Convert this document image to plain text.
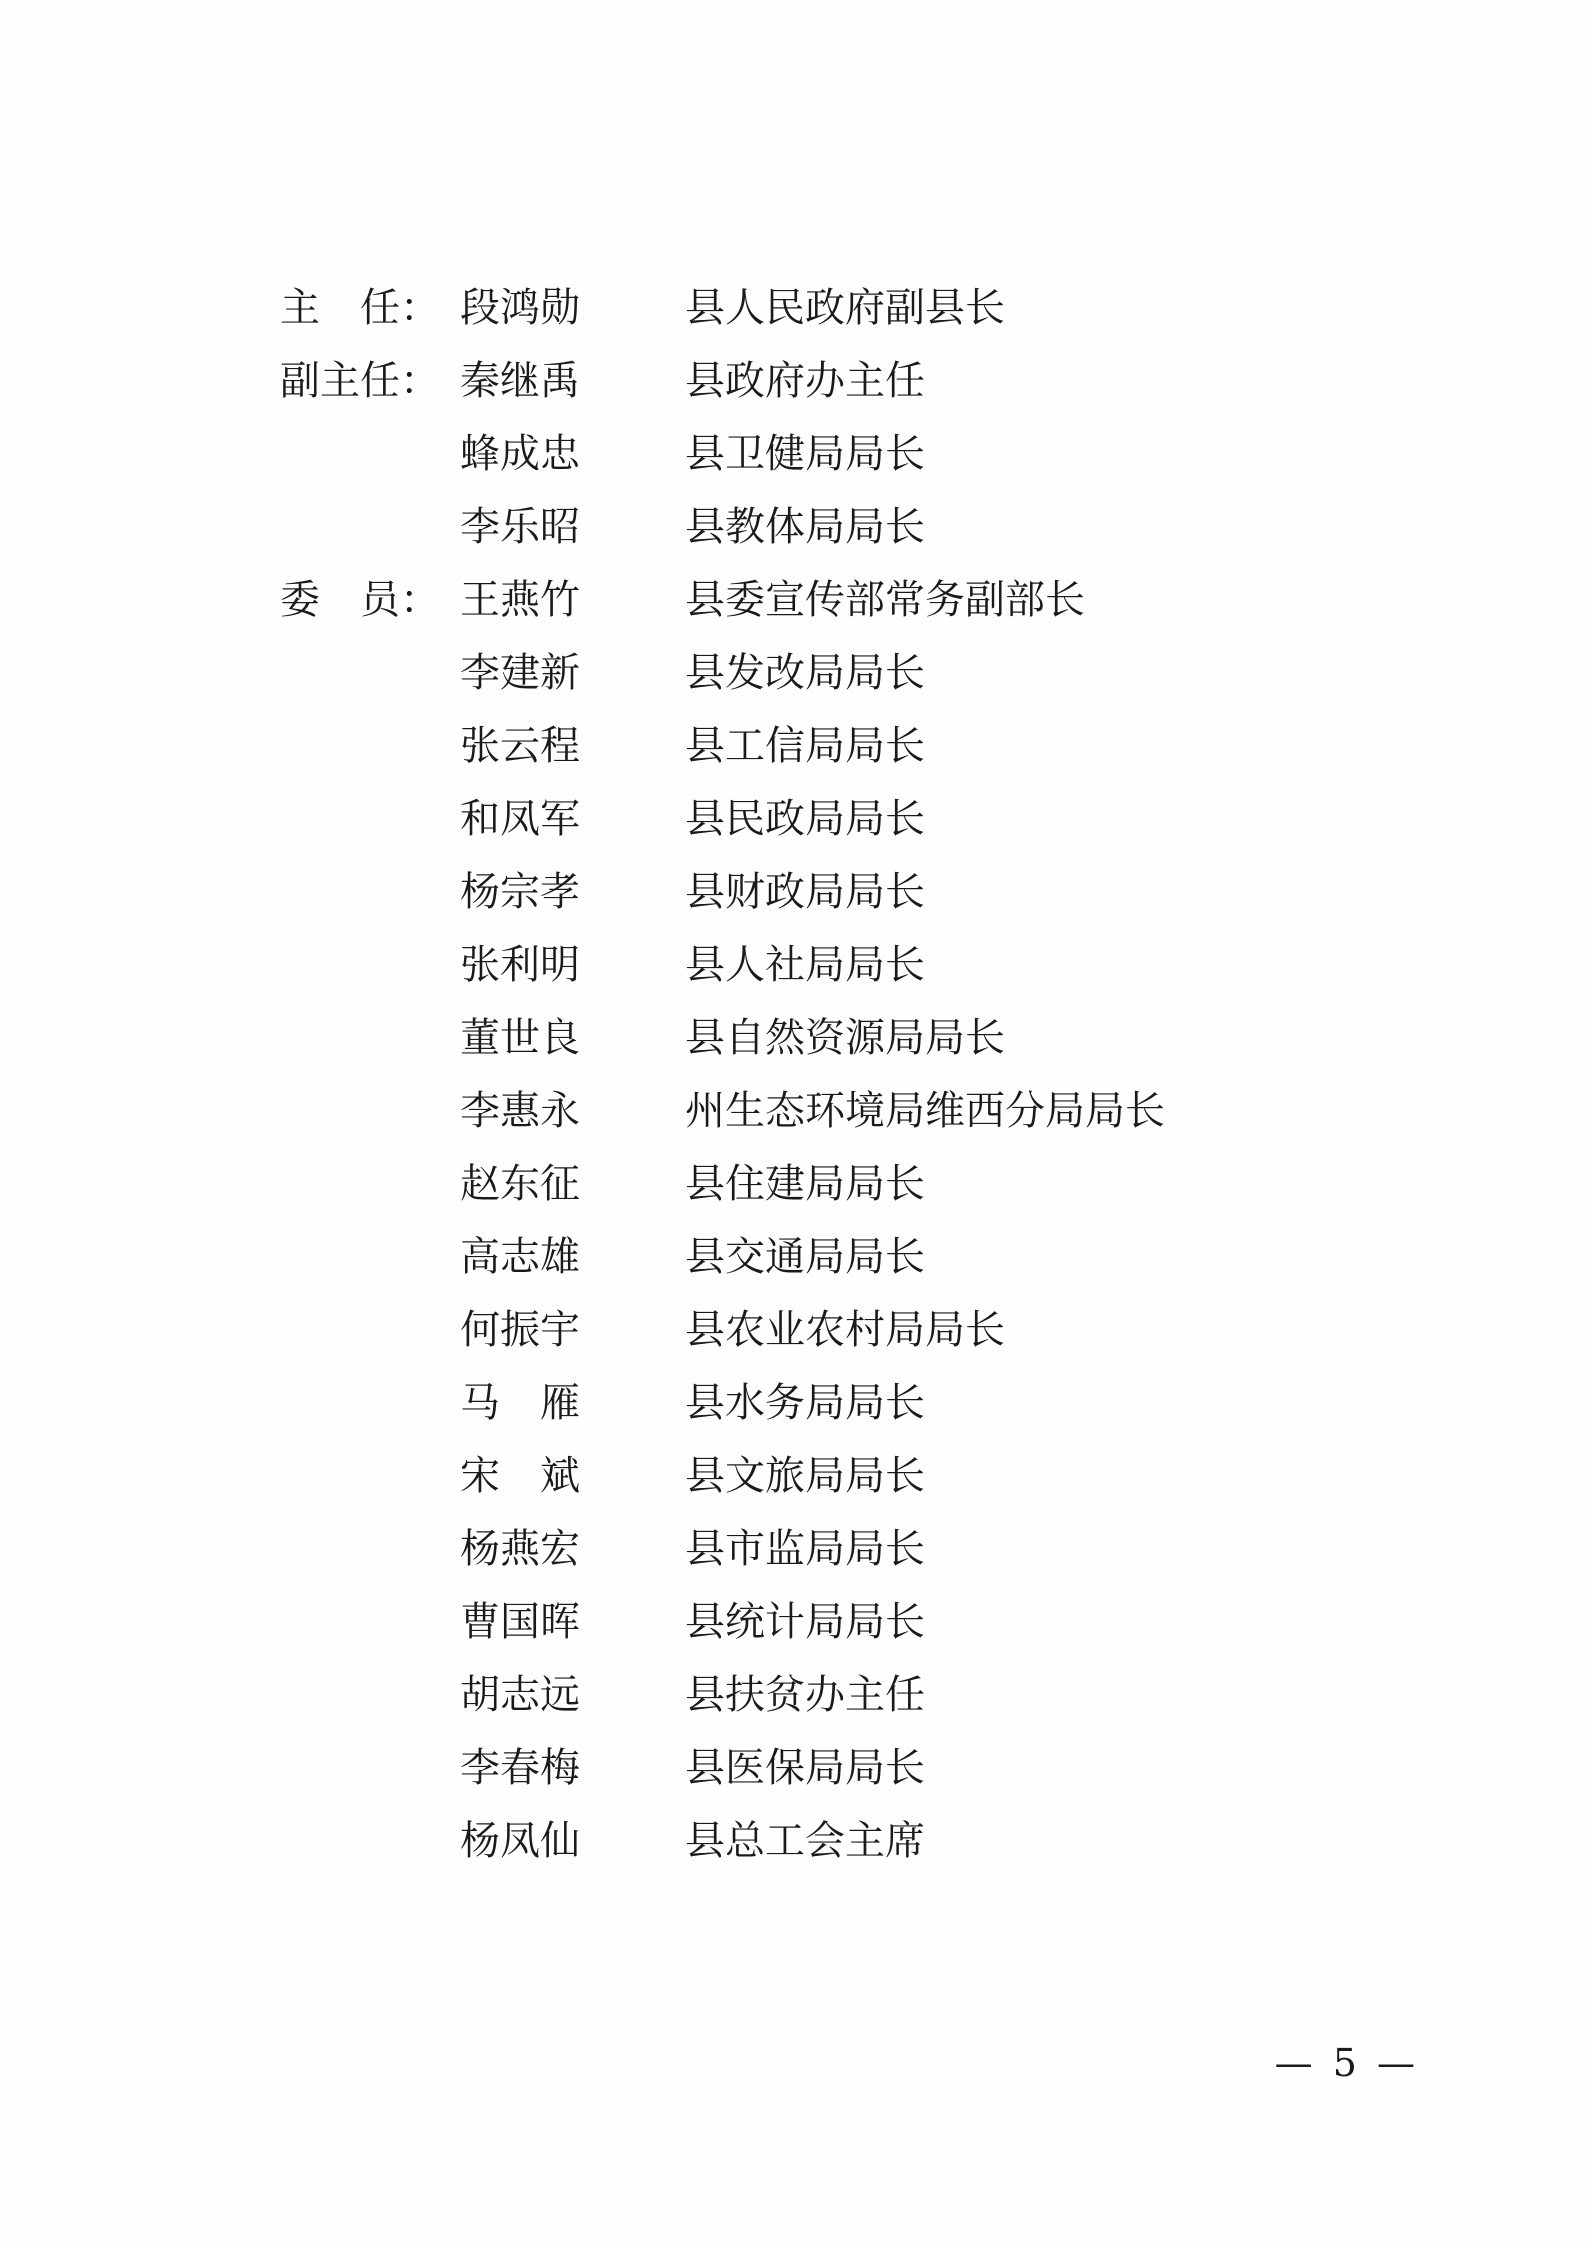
主　任： 段鸿勋	县人民政府副县长
副主任： 秦继禹	县政府办主任
蜂成忠	县卫健局局长
李乐昭	县教体局局长
委　员： 王燕竹	县委宣传部常务副部长
李建新	县发改局局长
张云程	县工信局局长
和凤军	县民政局局长
杨宗孝	县财政局局长
张利明	县人社局局长
董世良	县自然资源局局长
李惠永	州生态环境局维西分局局长
赵东征	县住建局局长
高志雄	县交通局局长
何振宇	县农业农村局局长
马　雁	县水务局局长
宋　斌	县文旅局局长
杨燕宏	县市监局局长
曹国晖	县统计局局长
胡志远	县扶贫办主任
李春梅	县医保局局长
杨凤仙	县总工会主席
— 5 —
